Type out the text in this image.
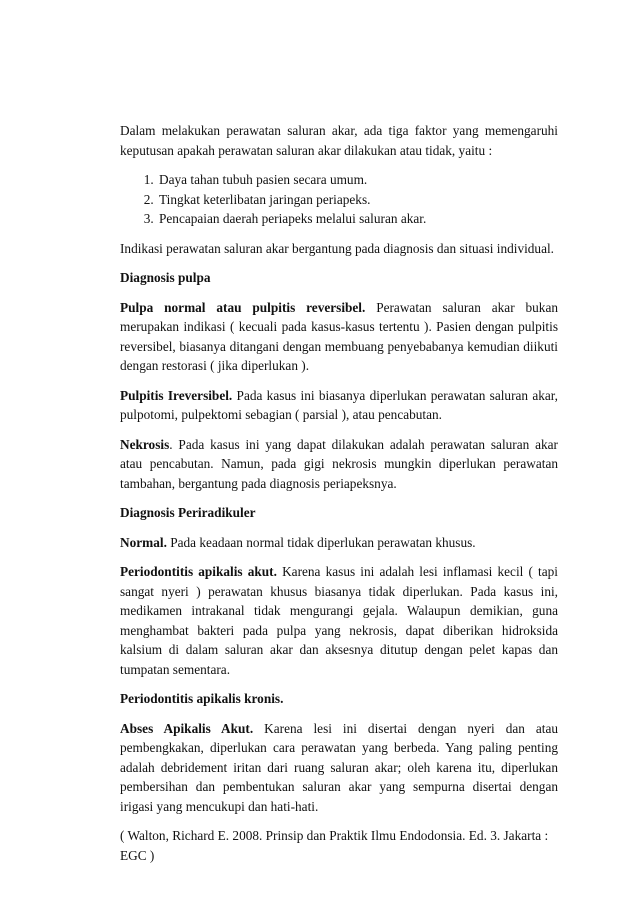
Dalam melakukan perawatan saluran akar, ada tiga faktor yang memengaruhi keputusan apakah perawatan saluran akar dilakukan atau tidak, yaitu :

1. Daya tahan tubuh pasien secara umum.
2. Tingkat keterlibatan jaringan periapeks.
3. Pencapaian daerah periapeks melalui saluran akar.

Indikasi perawatan saluran akar bergantung pada diagnosis dan situasi individual.

Diagnosis pulpa

Pulpa normal atau pulpitis reversibel. Perawatan saluran akar bukan merupakan indikasi ( kecuali pada kasus-kasus tertentu ). Pasien dengan pulpitis reversibel, biasanya ditangani dengan membuang penyebabanya kemudian diikuti dengan restorasi ( jika diperlukan ).

Pulpitis Ireversibel. Pada kasus ini biasanya diperlukan perawatan saluran akar, pulpotomi, pulpektomi sebagian ( parsial ), atau pencabutan.

Nekrosis. Pada kasus ini yang dapat dilakukan adalah perawatan saluran akar atau pencabutan. Namun, pada gigi nekrosis mungkin diperlukan perawatan tambahan, bergantung pada diagnosis periapeksnya.

Diagnosis Periradikuler

Normal. Pada keadaan normal tidak diperlukan perawatan khusus.

Periodontitis apikalis akut. Karena kasus ini adalah lesi inflamasi kecil ( tapi sangat nyeri ) perawatan khusus biasanya tidak diperlukan. Pada kasus ini, medikamen intrakanal tidak mengurangi gejala. Walaupun demikian, guna menghambat bakteri pada pulpa yang nekrosis, dapat diberikan hidroksida kalsium di dalam saluran akar dan aksesnya ditutup dengan pelet kapas dan tumpatan sementara.

Periodontitis apikalis kronis.

Abses Apikalis Akut. Karena lesi ini disertai dengan nyeri dan atau pembengkakan, diperlukan cara perawatan yang berbeda. Yang paling penting adalah debridement iritan dari ruang saluran akar; oleh karena itu, diperlukan pembersihan dan pembentukan saluran akar yang sempurna disertai dengan irigasi yang mencukupi dan hati-hati.

( Walton, Richard E. 2008. Prinsip dan Praktik Ilmu Endodonsia. Ed. 3. Jakarta : EGC )
